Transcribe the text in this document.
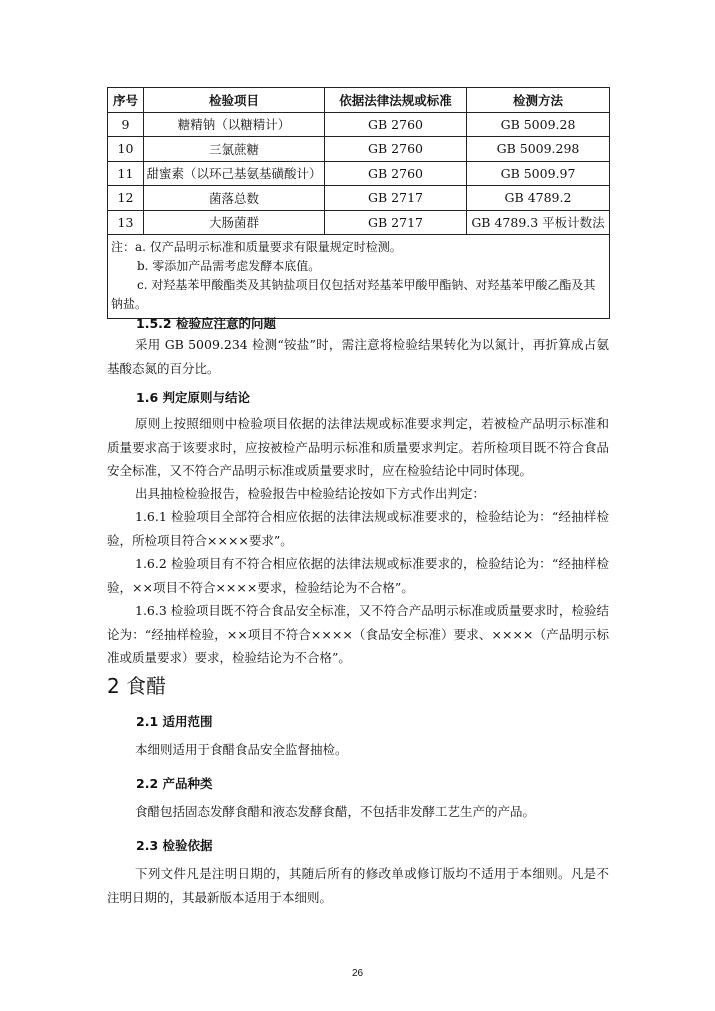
序号	检验项目	依据法律法规或标准	检测方法
9	糖精钠（以糖精计）	GB 2760	GB 5009.28
10	三氯蔗糖	GB 2760	GB 5009.298
11	甜蜜素（以环己基氨基磺酸计）	GB 2760	GB 5009.97
12	菌落总数	GB 2717	GB 4789.2
13	大肠菌群	GB 2717	GB 4789.3 平板计数法

注：a. 仅产品明示标准和质量要求有限量规定时检测。
b. 零添加产品需考虑发酵本底值。
c. 对羟基苯甲酸酯类及其钠盐项目仅包括对羟基苯甲酸甲酯钠、对羟基苯甲酸乙酯及其钠盐。			
1.5.2 检验应注意的问题
采用 GB 5009.234 检测“铵盐”时，需注意将检验结果转化为以氮计，再折算成占氨基酸态氮的百分比。
1.6 判定原则与结论
原则上按照细则中检验项目依据的法律法规或标准要求判定，若被检产品明示标准和质量要求高于该要求时，应按被检产品明示标准和质量要求判定。若所检项目既不符合食品安全标准，又不符合产品明示标准或质量要求时，应在检验结论中同时体现。
出具抽检检验报告，检验报告中检验结论按如下方式作出判定：
1.6.1 检验项目全部符合相应依据的法律法规或标准要求的，检验结论为：“经抽样检验，所检项目符合××××要求”。
1.6.2 检验项目有不符合相应依据的法律法规或标准要求的，检验结论为：“经抽样检验，××项目不符合××××要求，检验结论为不合格”。
1.6.3 检验项目既不符合食品安全标准，又不符合产品明示标准或质量要求时，检验结论为：“经抽样检验，××项目不符合××××（食品安全标准）要求、××××（产品明示标准或质量要求）要求，检验结论为不合格”。
2 食醋
2.1 适用范围
本细则适用于食醋食品安全监督抽检。
2.2 产品种类
食醋包括固态发酵食醋和液态发酵食醋，不包括非发酵工艺生产的产品。
2.3 检验依据
下列文件凡是注明日期的，其随后所有的修改单或修订版均不适用于本细则。凡是不注明日期的，其最新版本适用于本细则。
26
